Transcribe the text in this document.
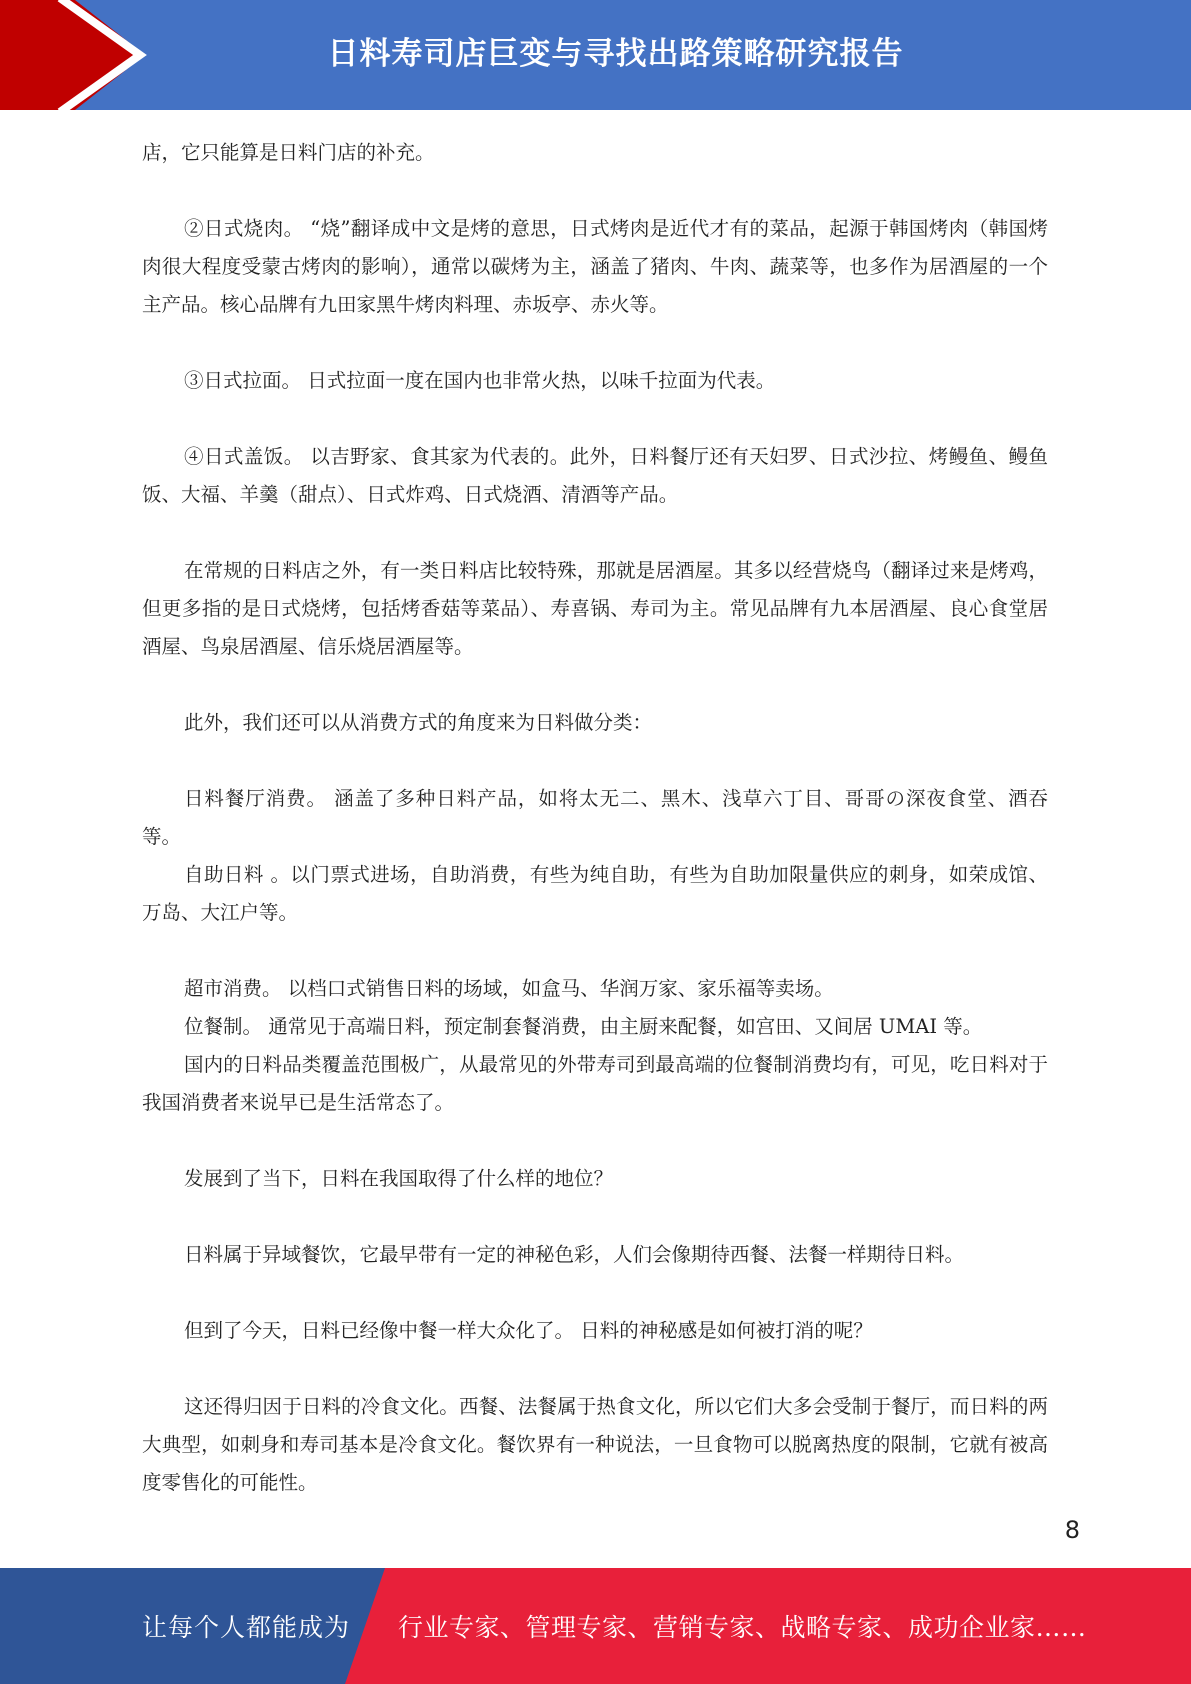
日料寿司店巨变与寻找出路策略研究报告

店，它只能算是日料门店的补充。

②日式烧肉。 “烧”翻译成中文是烤的意思，日式烤肉是近代才有的菜品，起源于韩国烤肉（韩国烤肉很大程度受蒙古烤肉的影响），通常以碳烤为主，涵盖了猪肉、牛肉、蔬菜等，也多作为居酒屋的一个主产品。核心品牌有九田家黑牛烤肉料理、赤坂亭、赤火等。

③日式拉面。 日式拉面一度在国内也非常火热，以味千拉面为代表。

④日式盖饭。 以吉野家、食其家为代表的。此外，日料餐厅还有天妇罗、日式沙拉、烤鳗鱼、鳗鱼饭、大福、羊羹（甜点）、日式炸鸡、日式烧酒、清酒等产品。

在常规的日料店之外，有一类日料店比较特殊，那就是居酒屋。其多以经营烧鸟（翻译过来是烤鸡，但更多指的是日式烧烤，包括烤香菇等菜品）、寿喜锅、寿司为主。常见品牌有九本居酒屋、良心食堂居酒屋、鸟泉居酒屋、信乐烧居酒屋等。

此外，我们还可以从消费方式的角度来为日料做分类：

日料餐厅消费。 涵盖了多种日料产品，如将太无二、黑木、浅草六丁目、哥哥の深夜食堂、酒吞等。

自助日料 。以门票式进场，自助消费，有些为纯自助，有些为自助加限量供应的刺身，如荣成馆、万岛、大江户等。

超市消费。 以档口式销售日料的场域，如盒马、华润万家、家乐福等卖场。

位餐制。 通常见于高端日料，预定制套餐消费，由主厨来配餐，如宫田、又间居 UMAI 等。

国内的日料品类覆盖范围极广，从最常见的外带寿司到最高端的位餐制消费均有，可见，吃日料对于我国消费者来说早已是生活常态了。

发展到了当下，日料在我国取得了什么样的地位？

日料属于异域餐饮，它最早带有一定的神秘色彩，人们会像期待西餐、法餐一样期待日料。

但到了今天，日料已经像中餐一样大众化了。 日料的神秘感是如何被打消的呢？

这还得归因于日料的冷食文化。西餐、法餐属于热食文化，所以它们大多会受制于餐厅，而日料的两大典型，如刺身和寿司基本是冷食文化。餐饮界有一种说法，一旦食物可以脱离热度的限制，它就有被高度零售化的可能性。

8
让每个人都能成为 行业专家、管理专家、营销专家、战略专家、成功企业家……
